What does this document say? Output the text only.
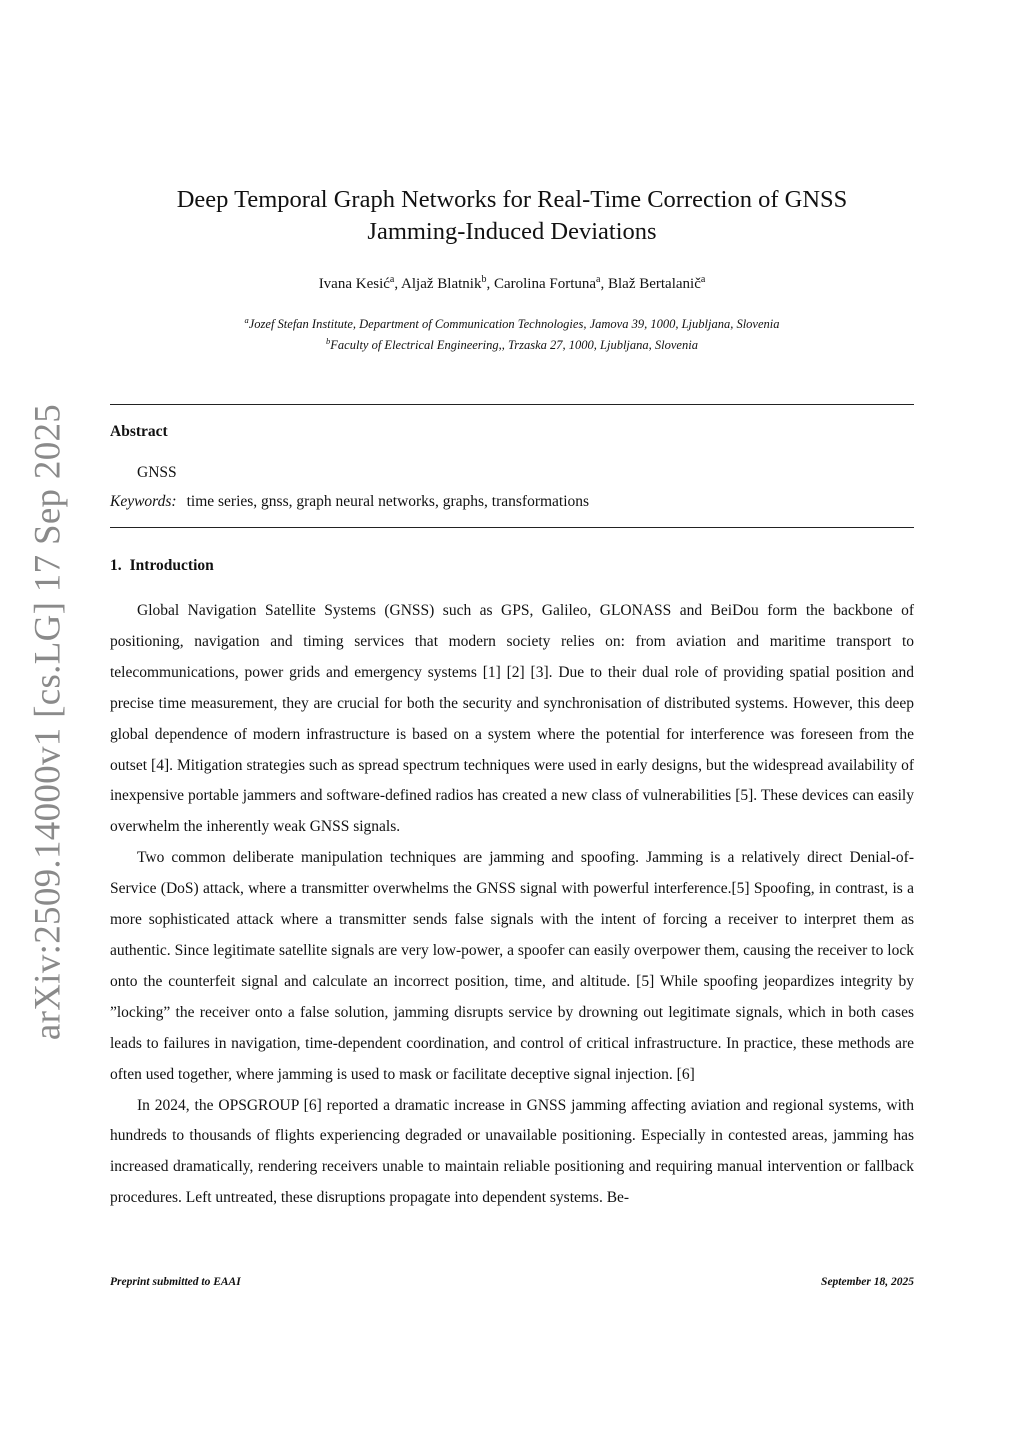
arXiv:2509.14000v1 [cs.LG] 17 Sep 2025
Deep Temporal Graph Networks for Real-Time Correction of GNSS
Jamming-Induced Deviations
Ivana Kesić$^a$, Aljaž Blatnik$^b$, Carolina Fortuna$^a$, Blaž Bertalanič$^a$
$^a$Jozef Stefan Institute, Department of Communication Technologies, Jamova 39, 1000, Ljubljana, Slovenia
$^b$Faculty of Electrical Engineering,, Trzaska 27, 1000, Ljubljana, Slovenia
Abstract
GNSS
Keywords: time series, gnss, graph neural networks, graphs, transformations
1. Introduction

Global Navigation Satellite Systems (GNSS) such as GPS, Galileo, GLONASS and BeiDou form the backbone of positioning, navigation and timing services that modern society relies on: from aviation and maritime transport to telecommunications, power grids and emergency systems [1] [2] [3]. Due to their dual role of providing spatial position and precise time measurement, they are crucial for both the security and synchronisation of distributed systems. However, this deep global dependence of modern infrastructure is based on a system where the potential for interference was foreseen from the outset [4]. Mitigation strategies such as spread spectrum techniques were used in early designs, but the widespread availability of inexpensive portable jammers and software-defined radios has created a new class of vulnerabilities [5]. These devices can easily overwhelm the inherently weak GNSS signals.

Two common deliberate manipulation techniques are jamming and spoofing. Jamming is a relatively direct Denial-of-Service (DoS) attack, where a transmitter overwhelms the GNSS signal with powerful interference.[5] Spoofing, in contrast, is a more sophisticated attack where a transmitter sends false signals with the intent of forcing a receiver to interpret them as authentic. Since legitimate satellite signals are very low-power, a spoofer can easily overpower them, causing the receiver to lock onto the counterfeit signal and calculate an incorrect position, time, and altitude. [5] While spoofing jeopardizes integrity by ”locking” the receiver onto a false solution, jamming disrupts service by drowning out legitimate signals, which in both cases leads to failures in navigation, time-dependent coordination, and control of critical infrastructure. In practice, these methods are often used together, where jamming is used to mask or facilitate deceptive signal injection. [6]

In 2024, the OPSGROUP [6] reported a dramatic increase in GNSS jamming affecting aviation and regional systems, with hundreds to thousands of flights experiencing degraded or unavailable positioning. Especially in contested areas, jamming has increased dramatically, rendering receivers unable to maintain reliable positioning and requiring manual intervention or fallback procedures. Left untreated, these disruptions propagate into dependent systems. Be-

Preprint submitted to EAAI	September 18, 2025
